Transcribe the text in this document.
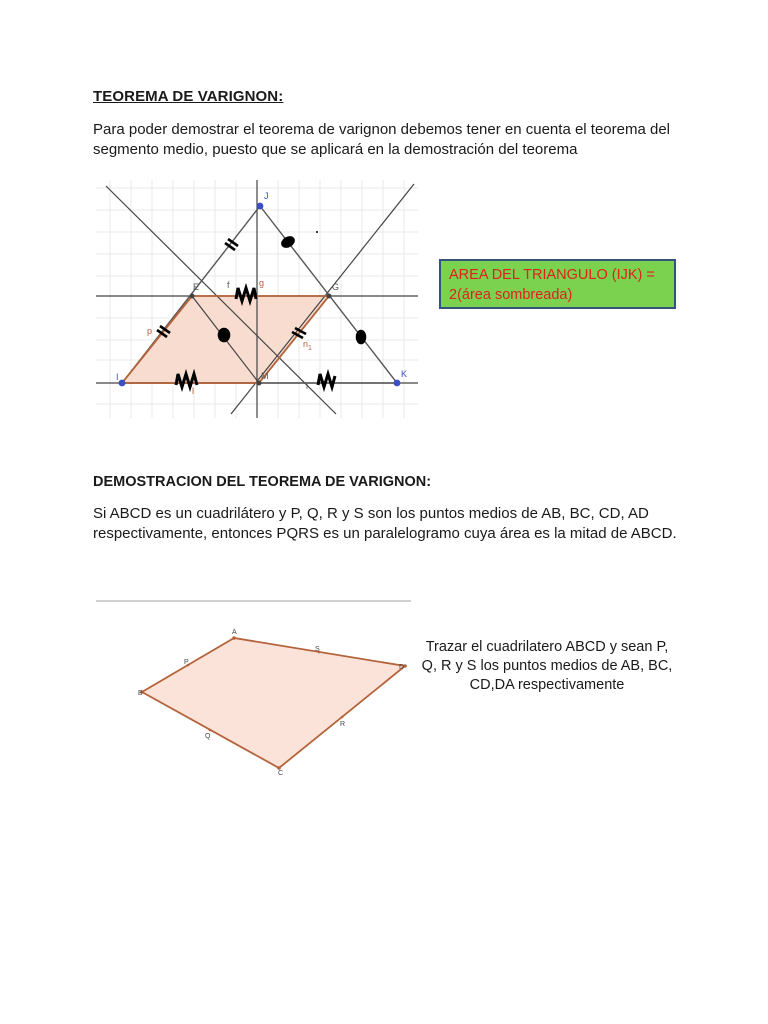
TEOREMA DE VARIGNON:
Para poder demostrar el teorema de varignon debemos tener en cuenta el teorema del segmento medio, puesto que se aplicará en la demostración del teorema
J
K
I
E	G
M
f	g
p
$n_1$
l	i
AREA DEL TRIANGULO (IJK) =
2(área sombreada)
DEMOSTRACION DEL TEOREMA DE VARIGNON:
Si ABCD es un cuadrilátero y P, Q, R y S son los puntos medios de AB, BC, CD, AD respectivamente, entonces PQRS es un paralelogramo cuya área es la mitad de ABCD.
A
B
C
D
P
Q
R
S	Trazar el cuadrilatero ABCD y sean P, Q, R y S los puntos medios de AB, BC, CD,DA respectivamente
